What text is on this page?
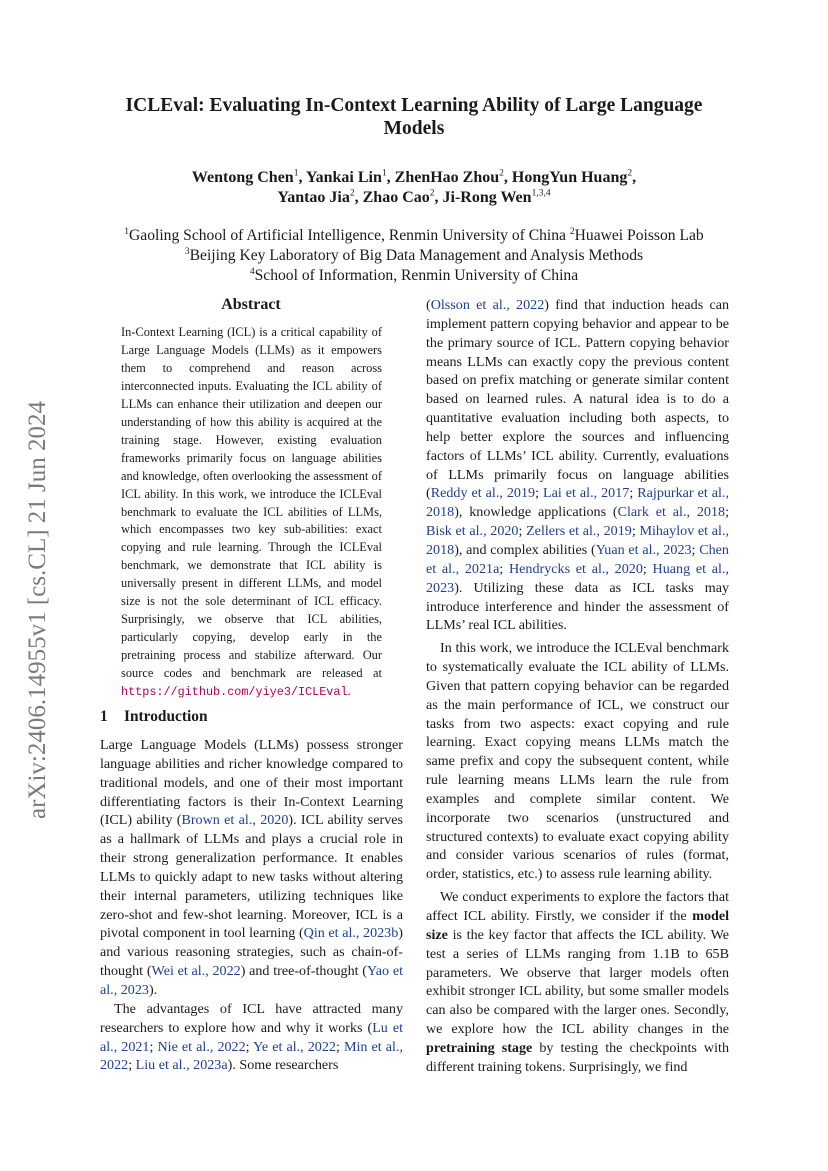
arXiv:2406.14955v1 [cs.CL] 21 Jun 2024
ICLEval: Evaluating In-Context Learning Ability of Large Language Models
Wentong Chen$^1$, Yankai Lin$^1$, ZhenHao Zhou$^2$, HongYun Huang$^2$,
Yantao Jia$^2$, Zhao Cao$^2$, Ji-Rong Wen$^{1,3,4}$
$^1$Gaoling School of Artificial Intelligence, Renmin University of China $^2$Huawei Poisson Lab
$^3$Beijing Key Laboratory of Big Data Management and Analysis Methods
$^4$School of Information, Renmin University of China
Abstract

In-Context Learning (ICL) is a critical capability of Large Language Models (LLMs) as it empowers them to comprehend and reason across interconnected inputs. Evaluating the ICL ability of LLMs can enhance their utilization and deepen our understanding of how this ability is acquired at the training stage. However, existing evaluation frameworks primarily focus on language abilities and knowledge, often overlooking the assessment of ICL ability. In this work, we introduce the ICLEval benchmark to evaluate the ICL abilities of LLMs, which encompasses two key sub-abilities: exact copying and rule learning. Through the ICLEval benchmark, we demonstrate that ICL ability is universally present in different LLMs, and model size is not the sole determinant of ICL efficacy. Surprisingly, we observe that ICL abilities, particularly copying, develop early in the pretraining process and stabilize afterward. Our source codes and benchmark are released at https://github.com/yiye3/ICLEval.

1 Introduction

Large Language Models (LLMs) possess stronger language abilities and richer knowledge compared to traditional models, and one of their most important differentiating factors is their In-Context Learning (ICL) ability (Brown et al., 2020). ICL ability serves as a hallmark of LLMs and plays a crucial role in their strong generalization performance. It enables LLMs to quickly adapt to new tasks without altering their internal parameters, utilizing techniques like zero-shot and few-shot learning. Moreover, ICL is a pivotal component in tool learning (Qin et al., 2023b) and various reasoning strategies, such as chain-of-thought (Wei et al., 2022) and tree-of-thought (Yao et al., 2023).

The advantages of ICL have attracted many researchers to explore how and why it works (Lu et al., 2021; Nie et al., 2022; Ye et al., 2022; Min et al., 2022; Liu et al., 2023a). Some researchers

(Olsson et al., 2022) find that induction heads can implement pattern copying behavior and appear to be the primary source of ICL. Pattern copying behavior means LLMs can exactly copy the previous content based on prefix matching or generate similar content based on learned rules. A natural idea is to do a quantitative evaluation including both aspects, to help better explore the sources and influencing factors of LLMs’ ICL ability. Currently, evaluations of LLMs primarily focus on language abilities (Reddy et al., 2019; Lai et al., 2017; Rajpurkar et al., 2018), knowledge applications (Clark et al., 2018; Bisk et al., 2020; Zellers et al., 2019; Mihaylov et al., 2018), and complex abilities (Yuan et al., 2023; Chen et al., 2021a; Hendrycks et al., 2020; Huang et al., 2023). Utilizing these data as ICL tasks may introduce interference and hinder the assessment of LLMs’ real ICL abilities.

In this work, we introduce the ICLEval benchmark to systematically evaluate the ICL ability of LLMs. Given that pattern copying behavior can be regarded as the main performance of ICL, we construct our tasks from two aspects: exact copying and rule learning. Exact copying means LLMs match the same prefix and copy the subsequent content, while rule learning means LLMs learn the rule from examples and complete similar content. We incorporate two scenarios (unstructured and structured contexts) to evaluate exact copying ability and consider various scenarios of rules (format, order, statistics, etc.) to assess rule learning ability.

We conduct experiments to explore the factors that affect ICL ability. Firstly, we consider if the model size is the key factor that affects the ICL ability. We test a series of LLMs ranging from 1.1B to 65B parameters. We observe that larger models often exhibit stronger ICL ability, but some smaller models can also be compared with the larger ones. Secondly, we explore how the ICL ability changes in the pretraining stage by testing the checkpoints with different training tokens. Surprisingly, we find
